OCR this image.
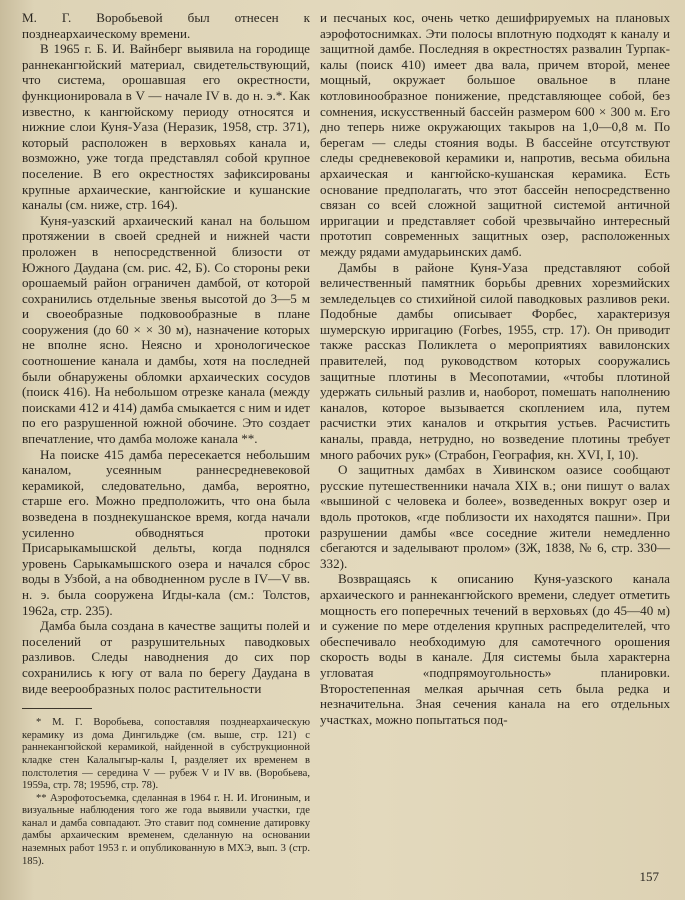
М. Г. Воробьевой был отнесен к позднеархаическому времени.

В 1965 г. Б. И. Вайнберг выявила на городище раннекангюйский материал, свидетельствующий, что система, орошавшая его окрестности, функционировала в V — начале IV в. до н. э.*. Как известно, к кангюйскому периоду относятся и нижние слои Куня-Уаза (Неразик, 1958, стр. 371), который расположен в верховьях канала и, возможно, уже тогда представлял собой крупное поселение. В его окрестностях зафиксированы крупные архаические, кангюйские и кушанские каналы (см. ниже, стр. 164).

Куня-уазский архаический канал на большом протяжении в своей средней и нижней части проложен в непосредственной близости от Южного Даудана (см. рис. 42, Б). Со стороны реки орошаемый район ограничен дамбой, от которой сохранились отдельные звенья высотой до 3—5 м и своеобразные подковообразные в плане сооружения (до 60 × × 30 м), назначение которых не вполне ясно. Неясно и хронологическое соотношение канала и дамбы, хотя на последней были обнаружены обломки архаических сосудов (поиск 416). На небольшом отрезке канала (между поисками 412 и 414) дамба смыкается с ним и идет по его разрушенной южной обочине. Это создает впечатление, что дамба моложе канала **.

На поиске 415 дамба пересекается небольшим каналом, усеянным раннесредневековой керамикой, следовательно, дамба, вероятно, старше его. Можно предположить, что она была возведена в позднекушанское время, когда начали усиленно обводняться протоки Присарыкамышской дельты, когда поднялся уровень Сарыкамышского озера и начался сброс воды в Узбой, а на обводненном русле в IV—V вв. н. э. была сооружена Игды-кала (см.: Толстов, 1962а, стр. 235).

Дамба была создана в качестве защиты полей и поселений от разрушительных паводковых разливов. Следы наводнения до сих пор сохранились к югу от вала по берегу Даудана в виде веерообразных полос растительности

* М. Г. Воробьева, сопоставляя позднеархаическую керамику из дома Дингильдже (см. выше, стр. 121) с раннекангюйской керамикой, найденной в субструкционной кладке стен Калалыгыр-калы I, разделяет их временем в полстолетия — середина V — рубеж V и IV вв. (Воробьева, 1959а, стр. 78; 1959б, стр. 78).

** Аэрофотосъемка, сделанная в 1964 г. Н. И. Игониным, и визуальные наблюдения того же года выявили участки, где канал и дамба совпадают. Это ставит под сомнение датировку дамбы архаическим временем, сделанную на основании наземных работ 1953 г. и опубликованную в МХЭ, вып. 3 (стр. 185).

и песчаных кос, очень четко дешифрируемых на плановых аэрофотоснимках. Эти полосы вплотную подходят к каналу и защитной дамбе. Последняя в окрестностях развалин Турпак-калы (поиск 410) имеет два вала, причем второй, менее мощный, окружает большое овальное в плане котловинообразное понижение, представляющее собой, без сомнения, искусственный бассейн размером 600 × 300 м. Его дно теперь ниже окружающих такыров на 1,0—0,8 м. По берегам — следы стояния воды. В бассейне отсутствуют следы средневековой керамики и, напротив, весьма обильна архаическая и кангюйско-кушанская керамика. Есть основание предполагать, что этот бассейн непосредственно связан со всей сложной защитной системой античной ирригации и представляет собой чрезвычайно интересный прототип современных защитных озер, расположенных между рядами амударьинских дамб.

Дамбы в районе Куня-Уаза представляют собой величественный памятник борьбы древних хорезмийских земледельцев со стихийной силой паводковых разливов реки. Подобные дамбы описывает Форбес, характеризуя шумерскую ирригацию (Forbes, 1955, стр. 17). Он приводит также рассказ Поликлета о мероприятиях вавилонских правителей, под руководством которых сооружались защитные плотины в Месопотамии, «чтобы плотиной удержать сильный разлив и, наоборот, помешать наполнению каналов, которое вызывается скоплением ила, путем расчистки этих каналов и открытия устьев. Расчистить каналы, правда, нетрудно, но возведение плотины требует много рабочих рук» (Страбон, География, кн. XVI, I, 10).

О защитных дамбах в Хивинском оазисе сообщают русские путешественники начала XIX в.; они пишут о валах «вышиной с человека и более», возведенных вокруг озер и вдоль протоков, «где поблизости их находятся пашни». При разрушении дамбы «все соседние жители немедленно сбегаются и заделывают пролом» (ЗЖ, 1838, № 6, стр. 330—332).

Возвращаясь к описанию Куня-уазского канала архаического и раннекангюйского времени, следует отметить мощность его поперечных течений в верховьях (до 45—40 м) и сужение по мере отделения крупных распределителей, что обеспечивало необходимую для самотечного орошения скорость воды в канале. Для системы была характерна угловатая «подпрямоугольность» планировки. Второстепенная мелкая арычная сеть была редка и незначительна. Зная сечения канала на его отдельных участках, можно попытаться под-

157
